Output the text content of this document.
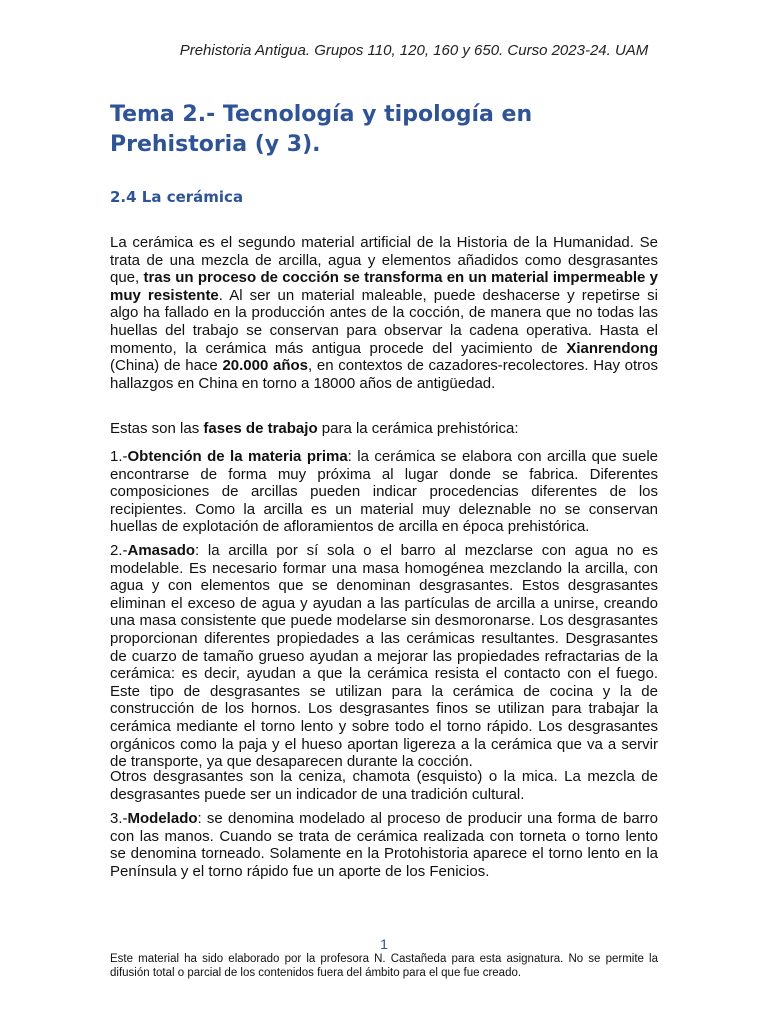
Prehistoria Antigua. Grupos 110, 120, 160 y 650. Curso 2023-24. UAM
Tema 2.- Tecnología y tipología en Prehistoria (y 3).
2.4 La cerámica

La cerámica es el segundo material artificial de la Historia de la Humanidad. Se trata de una mezcla de arcilla, agua y elementos añadidos como desgrasantes que, tras un proceso de cocción se transforma en un material impermeable y muy resistente. Al ser un material maleable, puede deshacerse y repetirse si algo ha fallado en la producción antes de la cocción, de manera que no todas las huellas del trabajo se conservan para observar la cadena operativa. Hasta el momento, la cerámica más antigua procede del yacimiento de Xianrendong (China) de hace 20.000 años, en contextos de cazadores-recolectores. Hay otros hallazgos en China en torno a 18000 años de antigüedad.

Estas son las fases de trabajo para la cerámica prehistórica:

1.-Obtención de la materia prima: la cerámica se elabora con arcilla que suele encontrarse de forma muy próxima al lugar donde se fabrica. Diferentes composiciones de arcillas pueden indicar procedencias diferentes de los recipientes. Como la arcilla es un material muy deleznable no se conservan huellas de explotación de afloramientos de arcilla en época prehistórica.

2.-Amasado: la arcilla por sí sola o el barro al mezclarse con agua no es modelable. Es necesario formar una masa homogénea mezclando la arcilla, con agua y con elementos que se denominan desgrasantes. Estos desgrasantes eliminan el exceso de agua y ayudan a las partículas de arcilla a unirse, creando una masa consistente que puede modelarse sin desmoronarse. Los desgrasantes proporcionan diferentes propiedades a las cerámicas resultantes. Desgrasantes de cuarzo de tamaño grueso ayudan a mejorar las propiedades refractarias de la cerámica: es decir, ayudan a que la cerámica resista el contacto con el fuego. Este tipo de desgrasantes se utilizan para la cerámica de cocina y la de construcción de los hornos. Los desgrasantes finos se utilizan para trabajar la cerámica mediante el torno lento y sobre todo el torno rápido. Los desgrasantes orgánicos como la paja y el hueso aportan ligereza a la cerámica que va a servir de transporte, ya que desaparecen durante la cocción.

Otros desgrasantes son la ceniza, chamota (esquisto) o la mica. La mezcla de desgrasantes puede ser un indicador de una tradición cultural.

3.-Modelado: se denomina modelado al proceso de producir una forma de barro con las manos. Cuando se trata de cerámica realizada con torneta o torno lento se denomina torneado. Solamente en la Protohistoria aparece el torno lento en la Península y el torno rápido fue un aporte de los Fenicios.

1
Este material ha sido elaborado por la profesora N. Castañeda para esta asignatura. No se permite la difusión total o parcial de los contenidos fuera del ámbito para el que fue creado.
